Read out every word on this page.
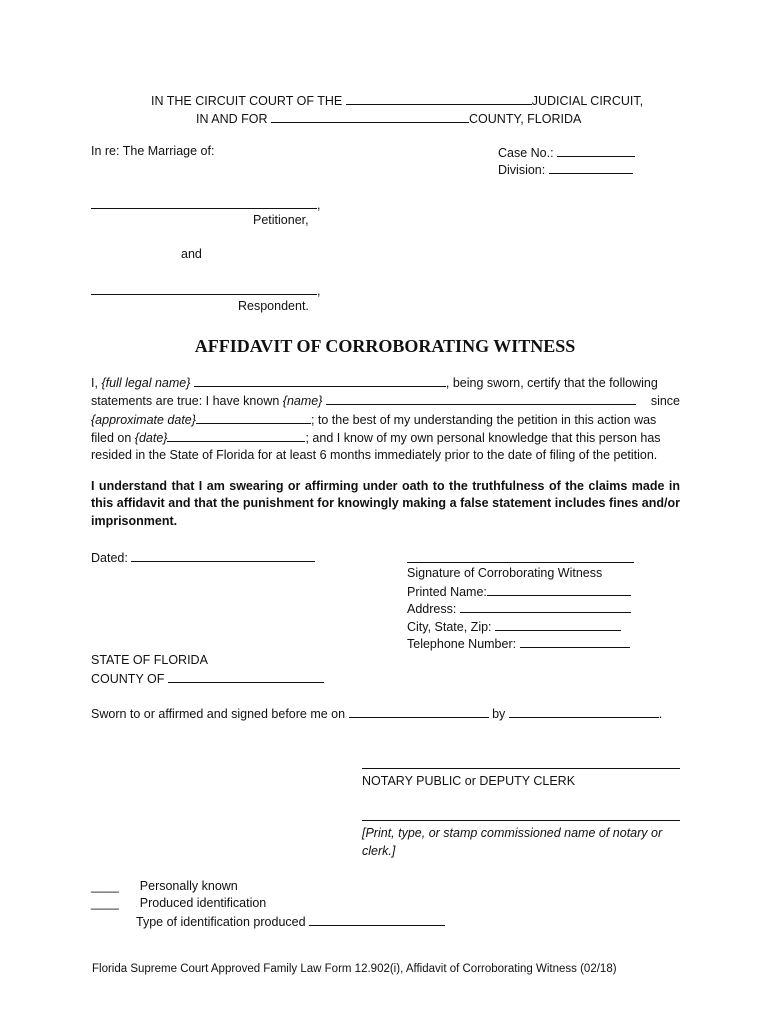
IN THE CIRCUIT COURT OF THE	JUDICIAL CIRCUIT,
IN AND FOR	COUNTY, FLORIDA
In re: The Marriage of:	Case No.:
Division:
,
Petitioner,
and
,
Respondent.
AFFIDAVIT OF CORROBORATING WITNESS
I, {full legal name}	, being sworn, certify that the following
statements are true: I have known {name}	since
{approximate date}	; to the best of my understanding the petition in this action was
filed on {date}	; and I know of my own personal knowledge that this person has
resided in the State of Florida for at least 6 months immediately prior to the date of filing of the petition.
I understand that I am swearing or affirming under oath to the truthfulness of the claims made in this affidavit and that the punishment for knowingly making a false statement includes fines and/or imprisonment.
Dated:
Signature of Corroborating Witness
Printed Name:
Address:
City, State, Zip:
Telephone Number:
STATE OF FLORIDA
COUNTY OF
Sworn to or affirmed and signed before me on	by	.
NOTARY PUBLIC or DEPUTY CLERK
[Print, type, or stamp commissioned name of notary or
clerk.]
____ Personally known
____ Produced identification
Type of identification produced
Florida Supreme Court Approved Family Law Form 12.902(i), Affidavit of Corroborating Witness (02/18)
